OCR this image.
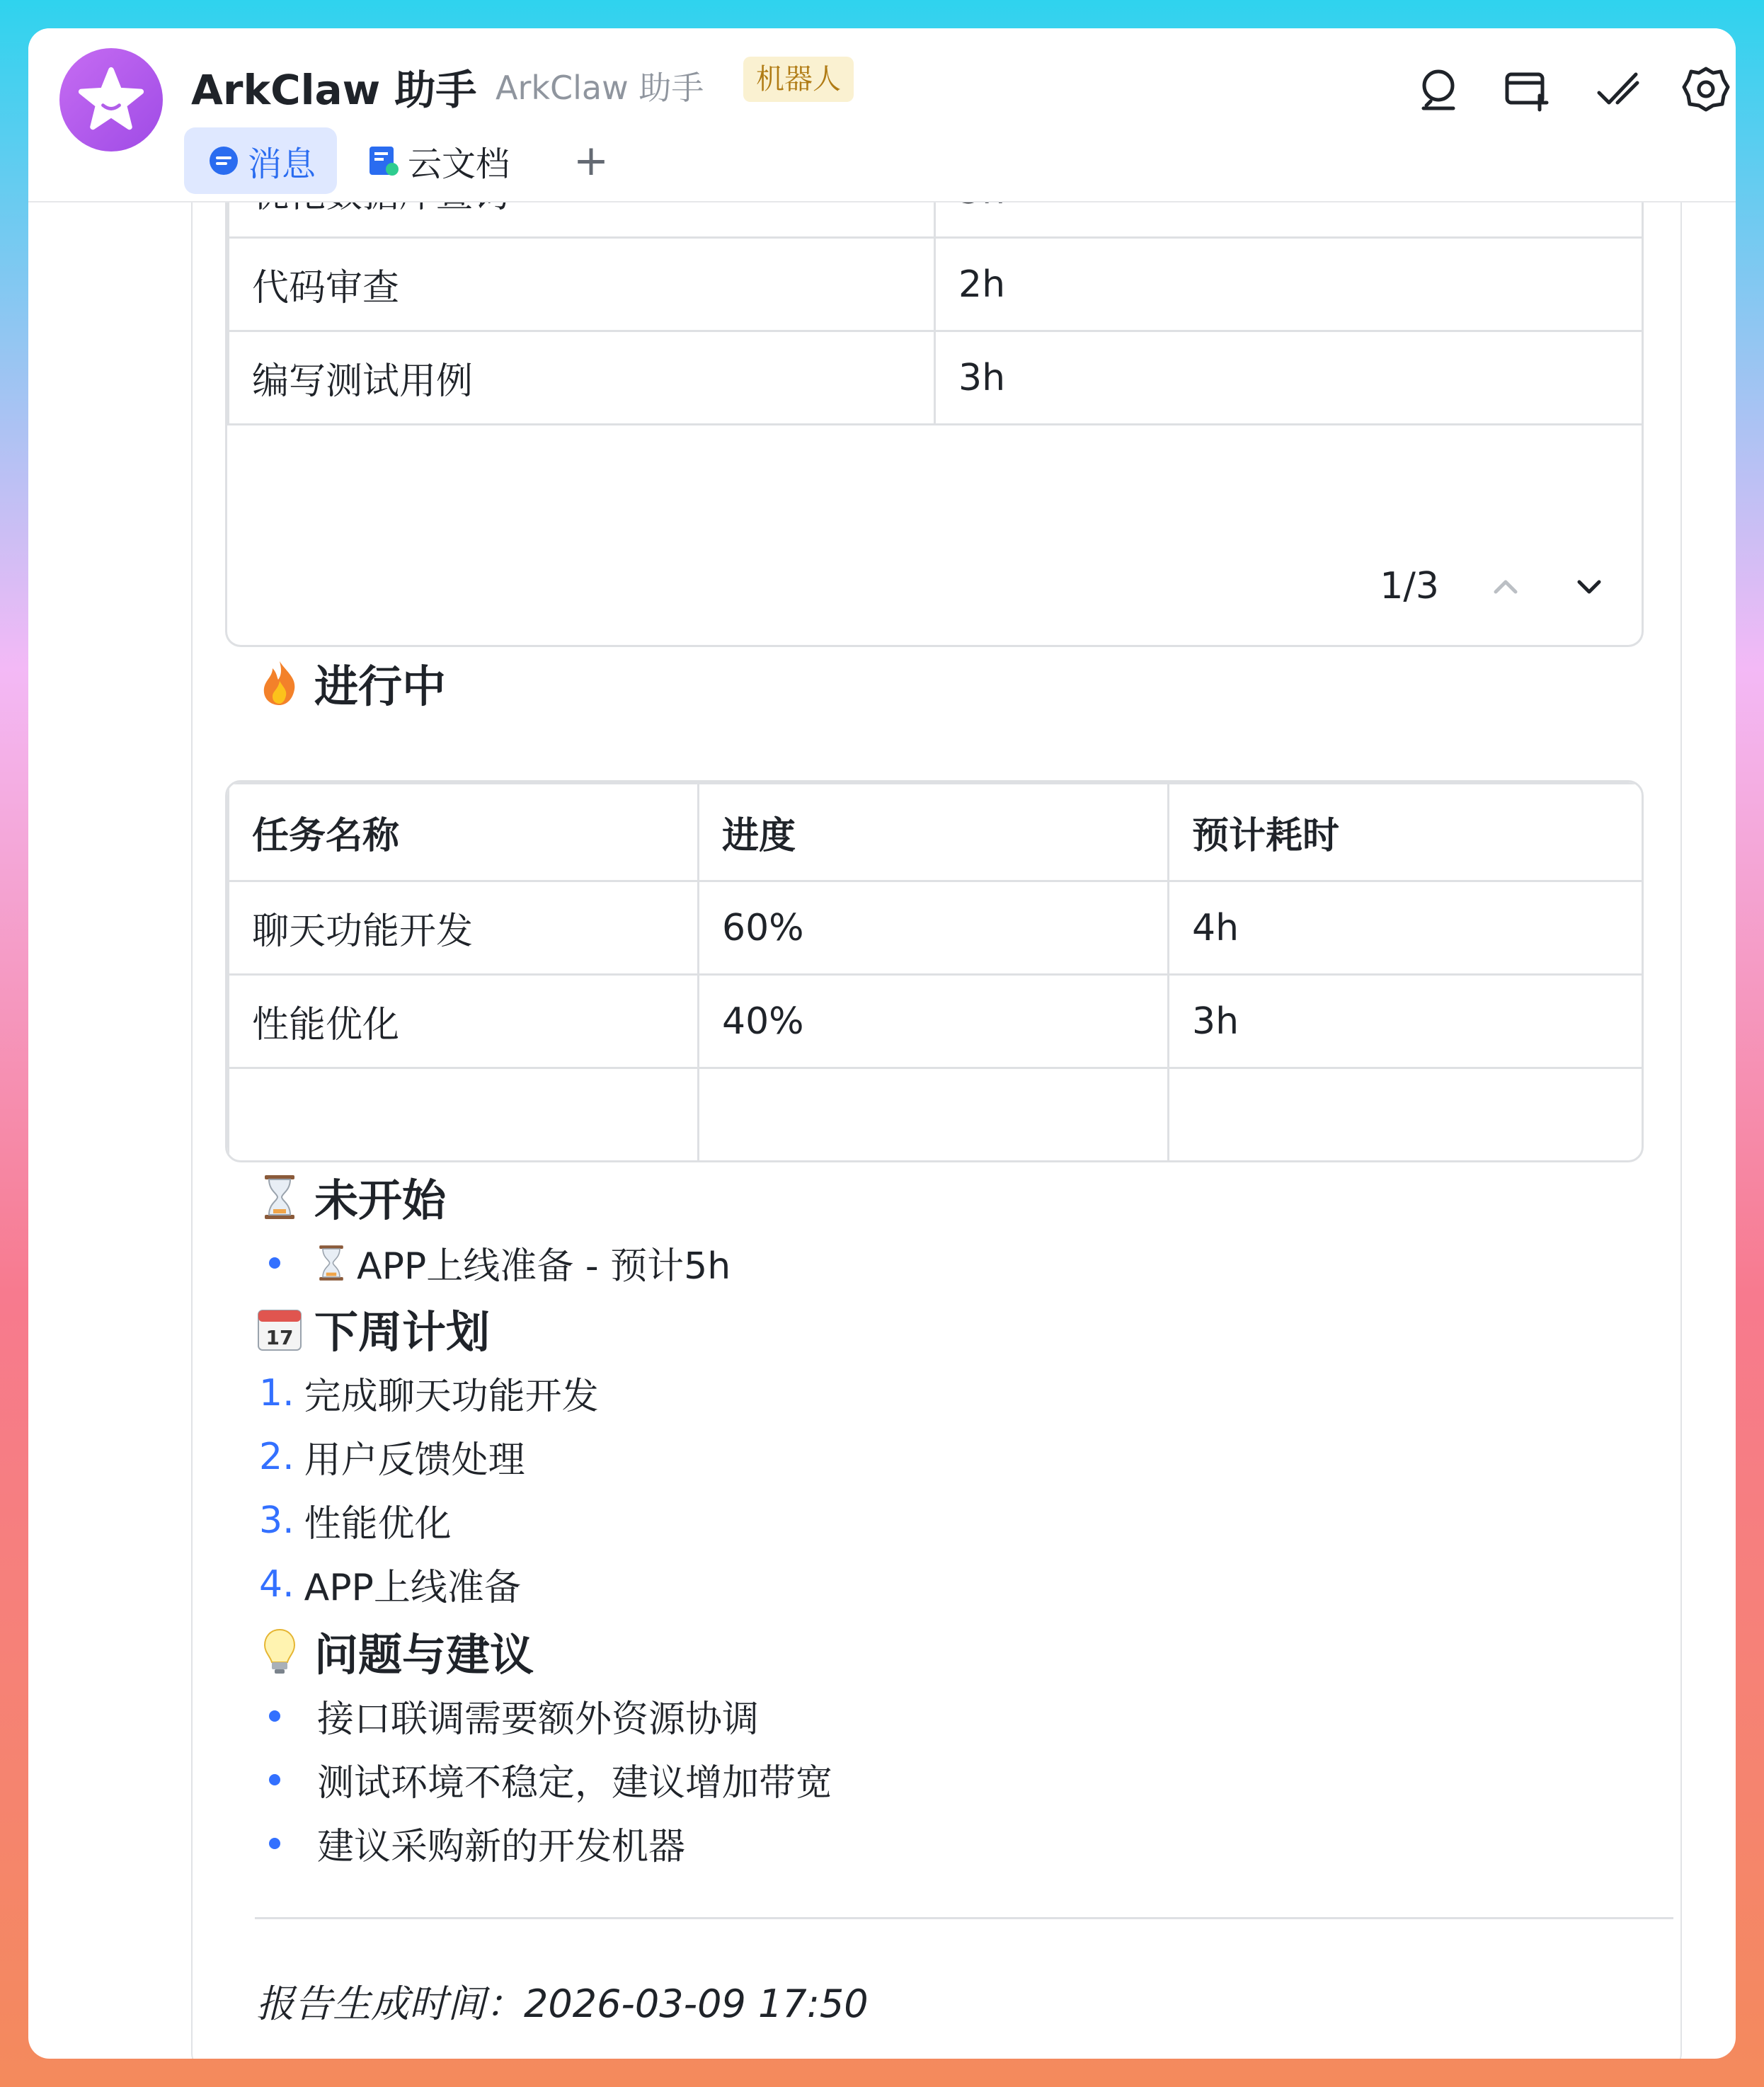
ArkClaw 助手 ArkClaw 助手	机器人
消息	云文档 +

代码审查	2h
编写测试用例	3h
1/3
进行中
任务名称	进度	预计耗时
聊天功能开发	60%	4h
性能优化	40%	3h

未开始
APP上线准备 - 预计5h
17 下周计划
1. 完成聊天功能开发
2. 用户反馈处理
3. 性能优化
4. APP上线准备
问题与建议
接口联调需要额外资源协调
测试环境不稳定，建议增加带宽
建议采购新的开发机器
报告生成时间：2026-03-09 17:50
